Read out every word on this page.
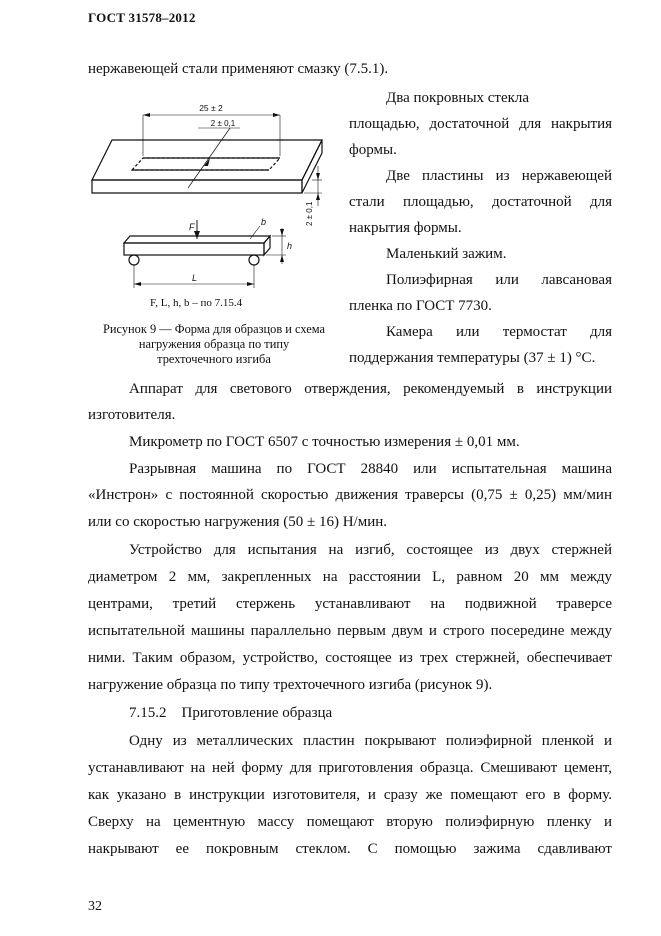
ГОСТ 31578–2012
нержавеющей стали применяют смазку (7.5.1).
25 ± 2
2 ± 0,1
2 ± 0,1
F	b
h
L
F, L, h, b – по 7.15.4
Рисунок 9 — Форма для образцов и схема
нагружения образца по типу
трехточечного изгиба
Два покровных стекла
площадью, достаточной для накрытия
формы.
Две пластины из нержавеющей
стали площадью, достаточной для
накрытия формы.
Маленький зажим.
Полиэфирная или лавсановая
пленка по ГОСТ 7730.
Камера или термостат для
поддержания температуры (37 ± 1) °С.
Аппарат для светового отверждения, рекомендуемый в инструкции
изготовителя.
Микрометр по ГОСТ 6507 с точностью измерения ± 0,01 мм.
Разрывная машина по ГОСТ 28840 или испытательная машина
«Инстрон» с постоянной скоростью движения траверсы (0,75 ± 0,25) мм/мин
или со скоростью нагружения (50 ± 16) Н/мин.
Устройство для испытания на изгиб, состоящее из двух стержней
диаметром 2 мм, закрепленных на расстоянии L, равном 20 мм между
центрами, третий стержень устанавливают на подвижной траверсе
испытательной машины параллельно первым двум и строго посередине между
ними. Таким образом, устройство, состоящее из трех стержней, обеспечивает
нагружение образца по типу трехточечного изгиба (рисунок 9).
7.15.2    Приготовление образца
Одну из металлических пластин покрывают полиэфирной пленкой и
устанавливают на ней форму для приготовления образца. Смешивают цемент,
как указано в инструкции изготовителя, и сразу же помещают его в форму.
Сверху на цементную массу помещают вторую полиэфирную пленку и
накрывают ее покровным стеклом. С помощью зажима сдавливают
32
